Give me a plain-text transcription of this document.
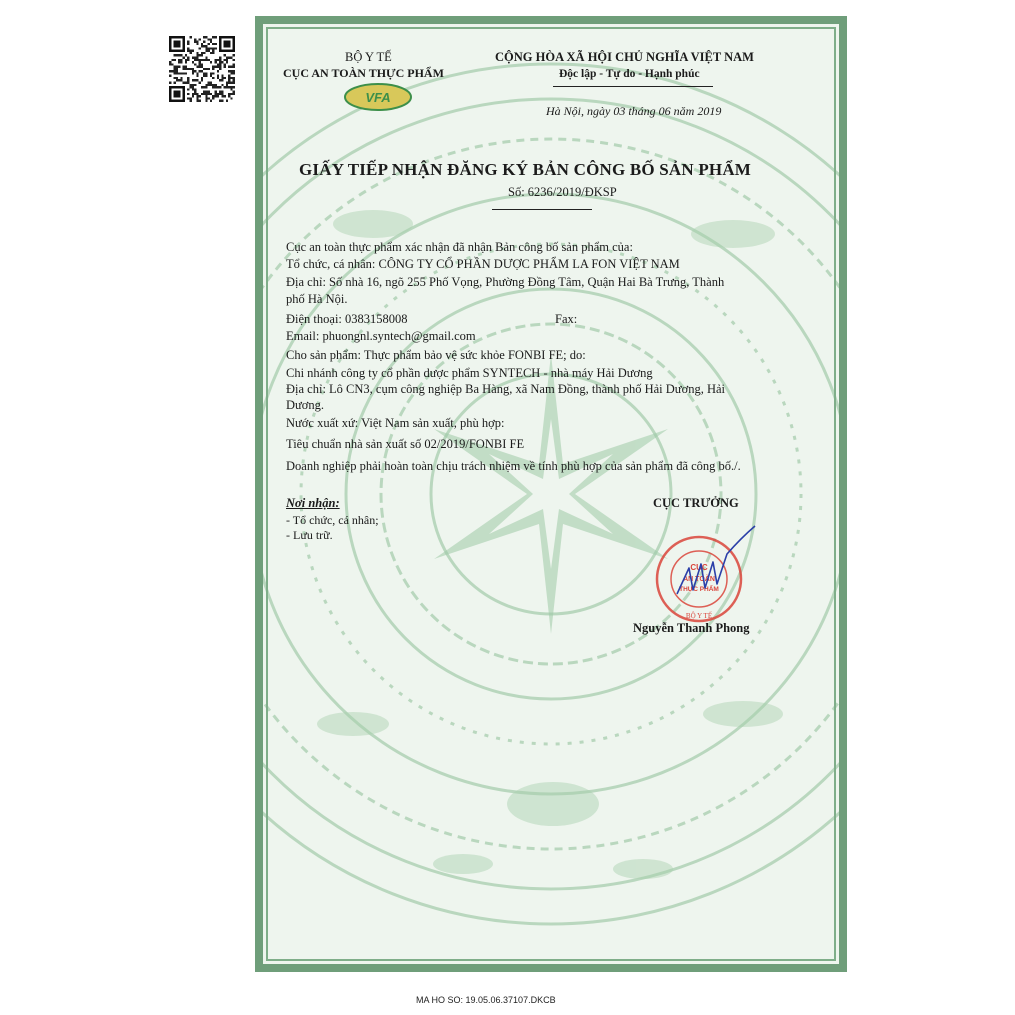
BỘ Y TẾ
CỤC AN TOÀN THỰC PHẨM
VFA
CỘNG HÒA XÃ HỘI CHỦ NGHĨA VIỆT NAM
Độc lập - Tự do - Hạnh phúc
Hà Nội, ngày 03 tháng 06 năm 2019
GIẤY TIẾP NHẬN ĐĂNG KÝ BẢN CÔNG BỐ SẢN PHẨM
Số: 6236/2019/ĐKSP
Cục an toàn thực phẩm xác nhận đã nhận Bản công bố sản phẩm của:
Tổ chức, cá nhân: CÔNG TY CỔ PHẦN DƯỢC PHẨM LA FON VIỆT NAM
Địa chỉ: Số nhà 16, ngõ 255 Phố Vọng, Phường Đồng Tâm, Quận Hai Bà Trưng, Thành
phố Hà Nội.
Điện thoại: 0383158008	Fax:
Email: phuongnl.syntech@gmail.com
Cho sản phẩm: Thực phẩm bảo vệ sức khỏe FONBI FE; do:
Chi nhánh công ty cổ phần dược phẩm SYNTECH - nhà máy Hải Dương
Địa chỉ: Lô CN3, cụm công nghiệp Ba Hàng, xã Nam Đồng, thành phố Hải Dương, Hải
Dương.
Nước xuất xứ: Việt Nam sản xuất, phù hợp:
Tiêu chuẩn nhà sản xuất số 02/2019/FONBI FE
Doanh nghiệp phải hoàn toàn chịu trách nhiệm về tính phù hợp của sản phẩm đã công bố./.
Nơi nhận:
- Tổ chức, cá nhân;
- Lưu trữ.
CỤC TRƯỞNG
BỘ Y TẾ
CỤC
AN TOÀN
THỰC PHẨM
Nguyễn Thanh Phong
MA HO SO: 19.05.06.37107.DKCB
